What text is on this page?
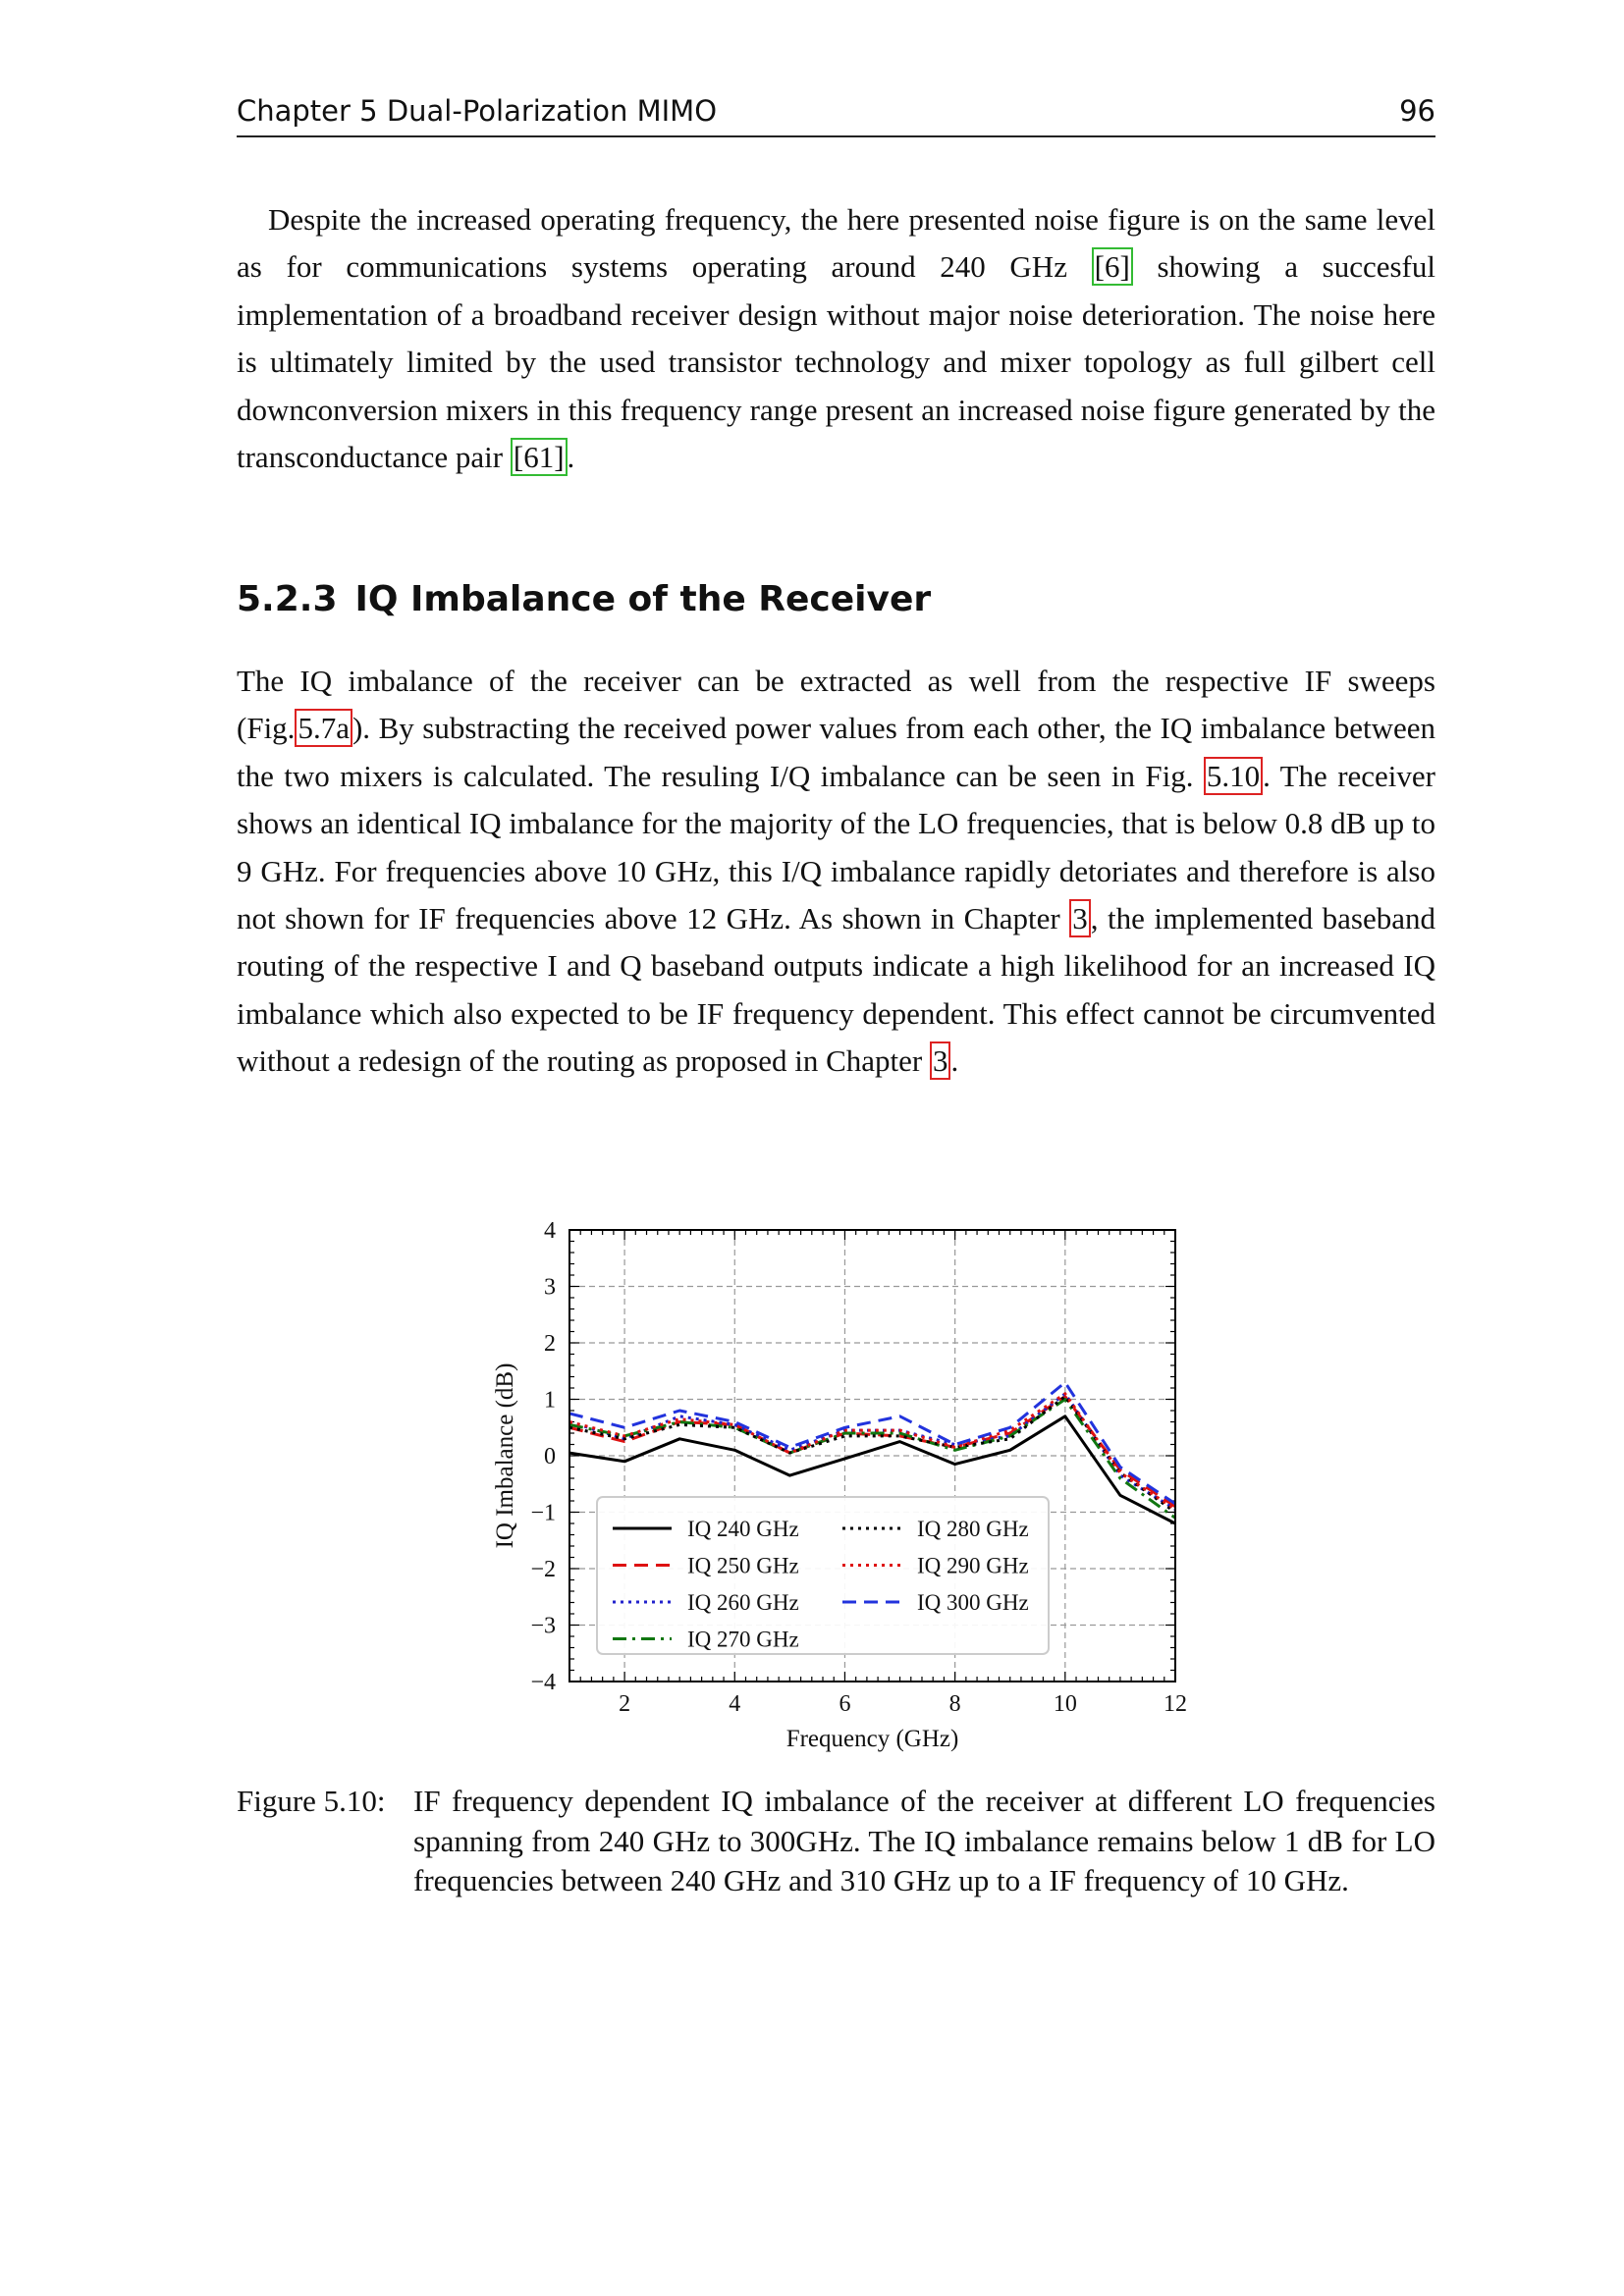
Chapter 5 Dual-Polarization MIMO	96
Despite the increased operating frequency, the here presented noise figure is on the same level as for communications systems operating around 240 GHz [6] showing a succesful implementation of a broadband receiver design without major noise deterioration. The noise here is ultimately limited by the used transistor technology and mixer topology as full gilbert cell downconversion mixers in this frequency range present an increased noise figure generated by the transconductance pair [61].
5.2.3 IQ Imbalance of the Receiver
The IQ imbalance of the receiver can be extracted as well from the respective IF sweeps (Fig.5.7a). By substracting the received power values from each other, the IQ imbalance between the two mixers is calculated. The resuling I/Q imbalance can be seen in Fig. 5.10. The receiver shows an identical IQ imbalance for the majority of the LO frequencies, that is below 0.8 dB up to 9 GHz. For frequencies above 10 GHz, this I/Q imbalance rapidly detoriates and therefore is also not shown for IF frequencies above 12 GHz. As shown in Chapter 3, the implemented baseband routing of the respective I and Q baseband outputs indicate a high likelihood for an increased IQ imbalance which also expected to be IF frequency dependent. This effect cannot be circumvented without a redesign of the routing as proposed in Chapter 3.
2	4	6	8	10	12
−4
−3
−2
−1
0
1
2
3
4
Frequency (GHz)
IQ Imbalance (dB)	IQ 240 GHz
IQ 250 GHz
IQ 260 GHz
IQ 270 GHz
IQ 280 GHz
IQ 290 GHz
IQ 300 GHz
Figure 5.10: IF frequency dependent IQ imbalance of the receiver at different LO frequencies spanning from 240 GHz to 300GHz. The IQ imbalance remains below 1 dB for LO frequencies between 240 GHz and 310 GHz up to a IF frequency of 10 GHz.
